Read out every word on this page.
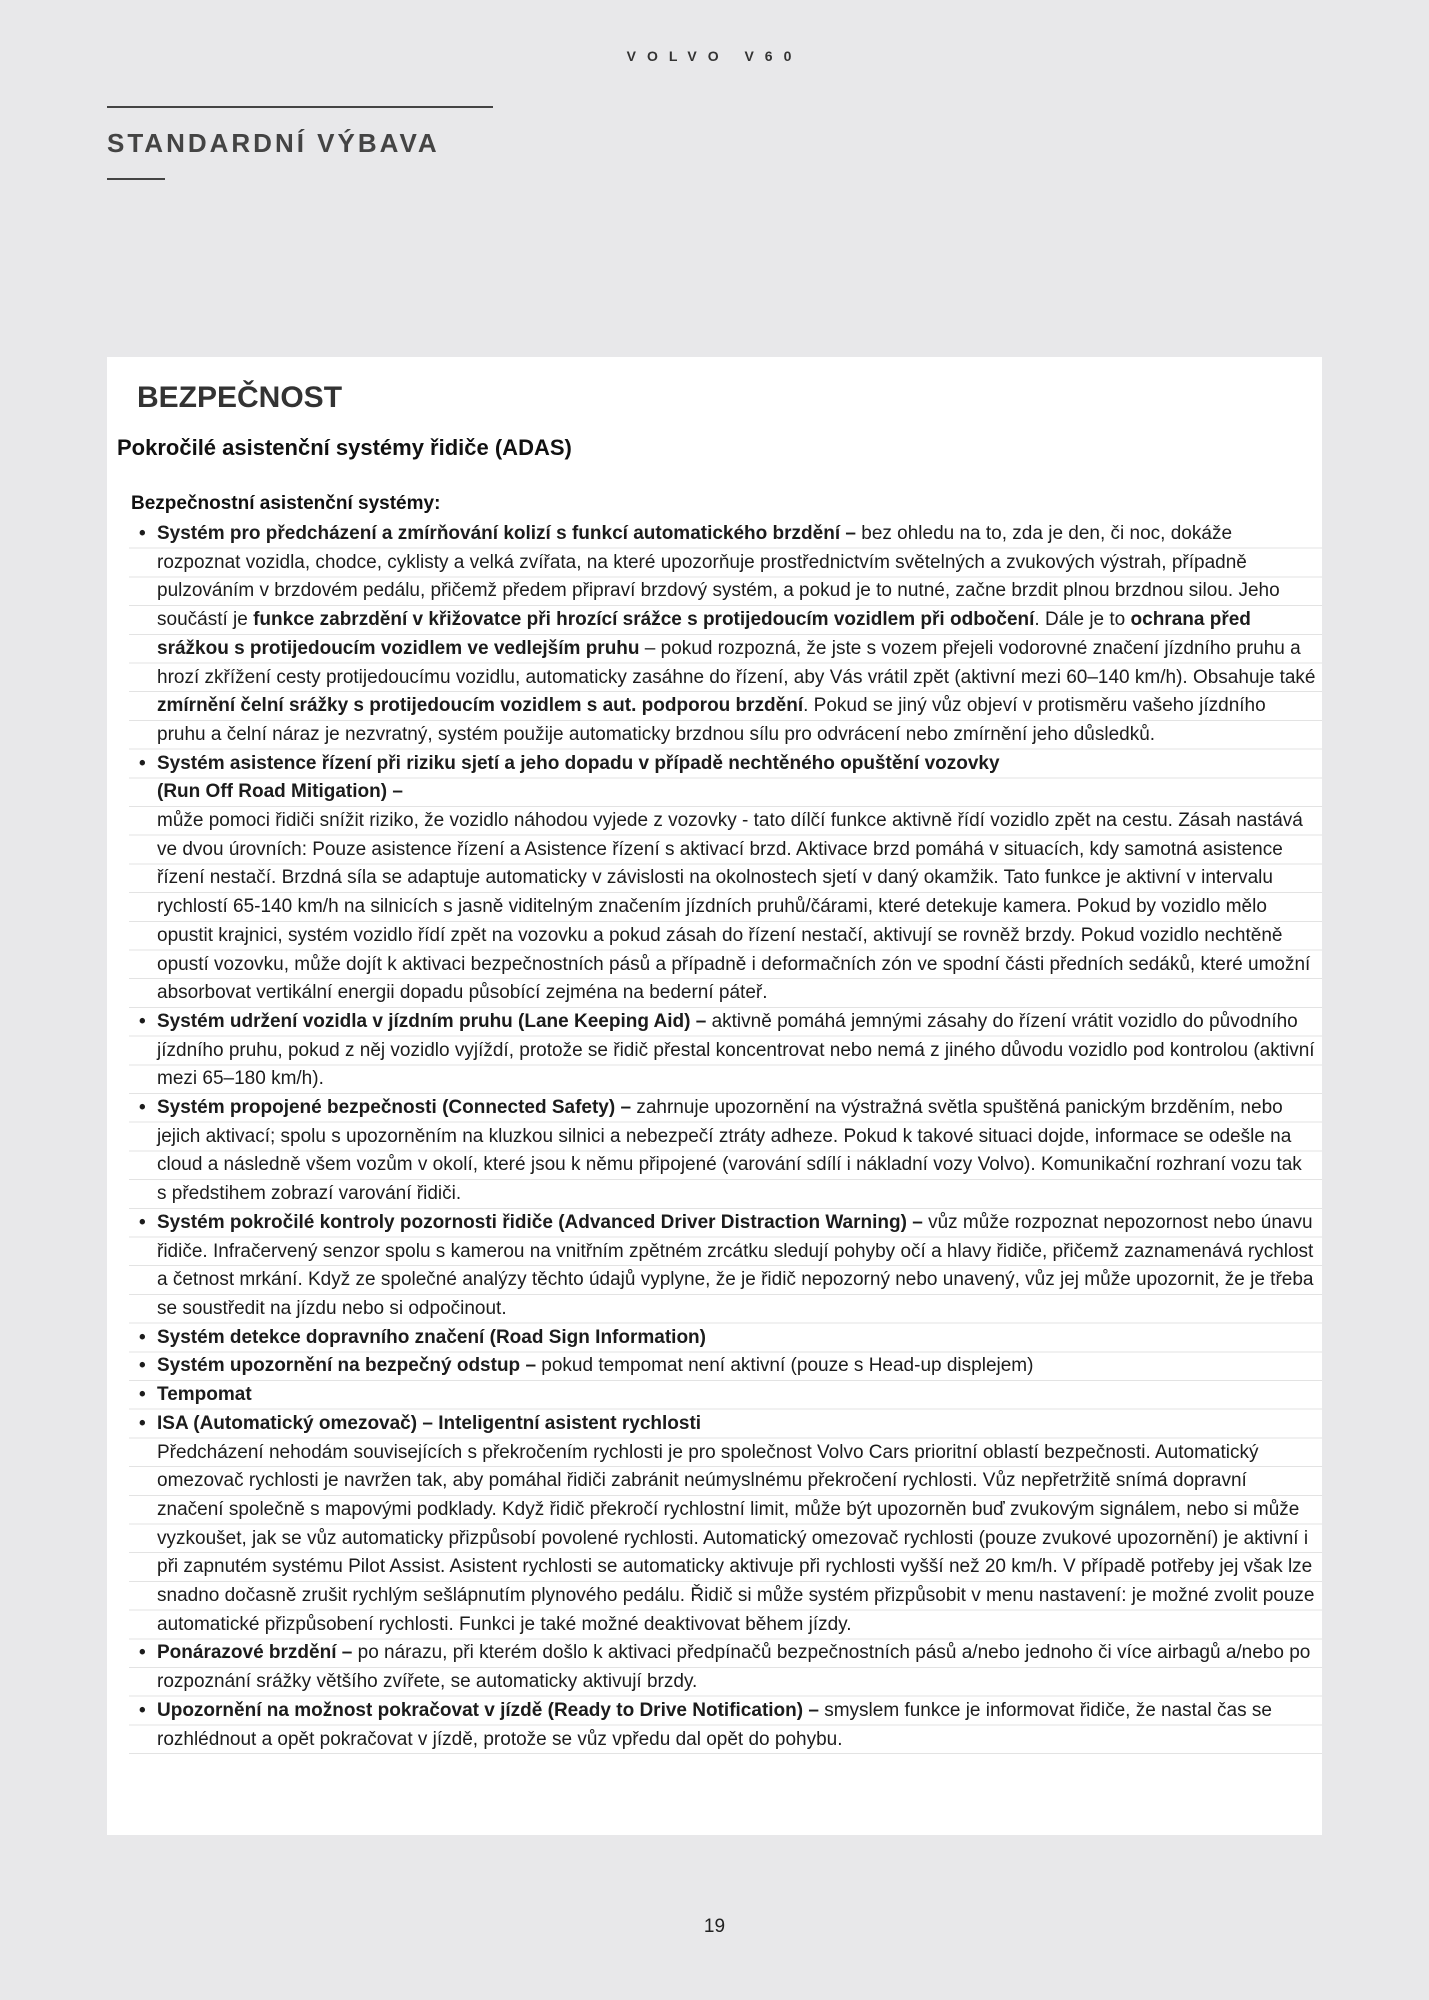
VOLVO V60
STANDARDNÍ VÝBAVA
BEZPEČNOST
Pokročilé asistenční systémy řidiče (ADAS)
Bezpečnostní asistenční systémy:
• Systém pro předcházení a zmírňování kolizí s funkcí automatického brzdění – bez ohledu na to, zda je den, či noc, dokáže rozpoznat vozidla, chodce, cyklisty a velká zvířata, na které upozorňuje prostřednictvím světelných a zvukových výstrah, případně pulzováním v brzdovém pedálu, přičemž předem připraví brzdový systém, a pokud je to nutné, začne brzdit plnou brzdnou silou. Jeho součástí je funkce zabrzdění v křižovatce při hrozící srážce s protijedoucím vozidlem při odbočení. Dále je to ochrana před srážkou s protijedoucím vozidlem ve vedlejším pruhu – pokud rozpozná, že jste s vozem přejeli vodorovné značení jízdního pruhu a hrozí zkřížení cesty protijedoucímu vozidlu, automaticky zasáhne do řízení, aby Vás vrátil zpět (aktivní mezi 60–140 km/h). Obsahuje také zmírnění čelní srážky s protijedoucím vozidlem s aut. podporou brzdění. Pokud se jiný vůz objeví v protisměru vašeho jízdního pruhu a čelní náraz je nezvratný, systém použije automaticky brzdnou sílu pro odvrácení nebo zmírnění jeho důsledků.
• Systém asistence řízení při riziku sjetí a jeho dopadu v případě nechtěného opuštění vozovky
(Run Off Road Mitigation) –
může pomoci řidiči snížit riziko, že vozidlo náhodou vyjede z vozovky - tato dílčí funkce aktivně řídí vozidlo zpět na cestu. Zásah nastává ve dvou úrovních: Pouze asistence řízení a Asistence řízení s aktivací brzd. Aktivace brzd pomáhá v situacích, kdy samotná asistence řízení nestačí. Brzdná síla se adaptuje automaticky v závislosti na okolnostech sjetí v daný okamžik. Tato funkce je aktivní v intervalu rychlostí 65-140 km/h na silnicích s jasně viditelným značením jízdních pruhů/čárami, které detekuje kamera. Pokud by vozidlo mělo opustit krajnici, systém vozidlo řídí zpět na vozovku a pokud zásah do řízení nestačí, aktivují se rovněž brzdy. Pokud vozidlo nechtěně opustí vozovku, může dojít k aktivaci bezpečnostních pásů a případně i deformačních zón ve spodní části předních sedáků, které umožní absorbovat vertikální energii dopadu působící zejména na bederní páteř.
• Systém udržení vozidla v jízdním pruhu (Lane Keeping Aid) – aktivně pomáhá jemnými zásahy do řízení vrátit vozidlo do původního jízdního pruhu, pokud z něj vozidlo vyjíždí, protože se řidič přestal koncentrovat nebo nemá z jiného důvodu vozidlo pod kontrolou (aktivní mezi 65–180 km/h).
• Systém propojené bezpečnosti (Connected Safety) – zahrnuje upozornění na výstražná světla spuštěná panickým brzděním, nebo jejich aktivací; spolu s upozorněním na kluzkou silnici a nebezpečí ztráty adheze. Pokud k takové situaci dojde, informace se odešle na cloud a následně všem vozům v okolí, které jsou k němu připojené (varování sdílí i nákladní vozy Volvo). Komunikační rozhraní vozu tak s předstihem zobrazí varování řidiči.
• Systém pokročilé kontroly pozornosti řidiče (Advanced Driver Distraction Warning) – vůz může rozpoznat nepozornost nebo únavu řidiče. Infračervený senzor spolu s kamerou na vnitřním zpětném zrcátku sledují pohyby očí a hlavy řidiče, přičemž zaznamenává rychlost a četnost mrkání. Když ze společné analýzy těchto údajů vyplyne, že je řidič nepozorný nebo unavený, vůz jej může upozornit, že je třeba se soustředit na jízdu nebo si odpočinout.
• Systém detekce dopravního značení (Road Sign Information)
• Systém upozornění na bezpečný odstup – pokud tempomat není aktivní (pouze s Head-up displejem)
• Tempomat
• ISA (Automatický omezovač) – Inteligentní asistent rychlosti
Předcházení nehodám souvisejících s překročením rychlosti je pro společnost Volvo Cars prioritní oblastí bezpečnosti. Automatický omezovač rychlosti je navržen tak, aby pomáhal řidiči zabránit neúmyslnému překročení rychlosti. Vůz nepřetržitě snímá dopravní značení společně s mapovými podklady. Když řidič překročí rychlostní limit, může být upozorněn buď zvukovým signálem, nebo si může vyzkoušet, jak se vůz automaticky přizpůsobí povolené rychlosti. Automatický omezovač rychlosti (pouze zvukové upozornění) je aktivní i při zapnutém systému Pilot Assist. Asistent rychlosti se automaticky aktivuje při rychlosti vyšší než 20 km/h. V případě potřeby jej však lze snadno dočasně zrušit rychlým sešlápnutím plynového pedálu. Řidič si může systém přizpůsobit v menu nastavení: je možné zvolit pouze automatické přizpůsobení rychlosti. Funkci je také možné deaktivovat během jízdy.
• Ponárazové brzdění – po nárazu, při kterém došlo k aktivaci předpínačů bezpečnostních pásů a/nebo jednoho či více airbagů a/nebo po rozpoznání srážky většího zvířete, se automaticky aktivují brzdy.
• Upozornění na možnost pokračovat v jízdě (Ready to Drive Notification) – smyslem funkce je informovat řidiče, že nastal čas se rozhlédnout a opět pokračovat v jízdě, protože se vůz vpředu dal opět do pohybu.
19
